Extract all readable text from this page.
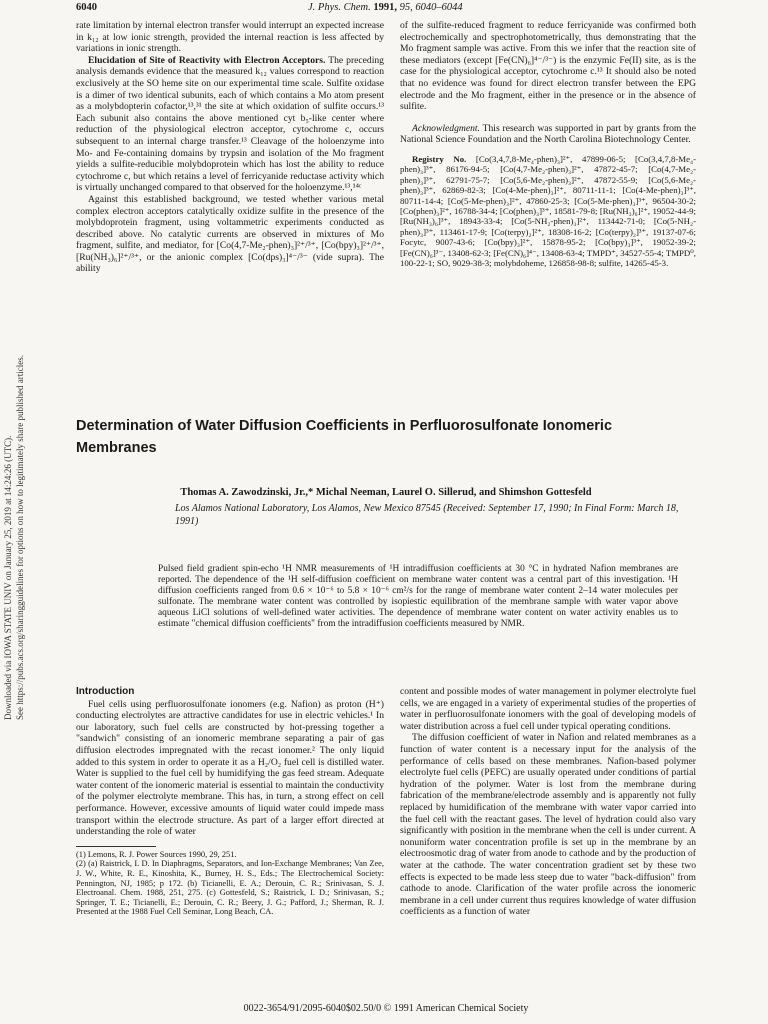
Downloaded via IOWA STATE UNIV on January 25, 2019 at 14:24:26 (UTC). See https://pubs.acs.org/sharingguidelines for options on how to legitimately share published articles.
6040	J. Phys. Chem. 1991, 95, 6040–6044

rate limitation by internal electron transfer would interrupt an expected increase in k₁₂ at low ionic strength, provided the internal reaction is less affected by variations in ionic strength.

Elucidation of Site of Reactivity with Electron Acceptors. The preceding analysis demands evidence that the measured k₁₂ values correspond to reaction exclusively at the SO heme site on our experimental time scale. Sulfite oxidase is a dimer of two identical subunits, each of which contains a Mo atom present as a molybdopterin cofactor,¹³,³¹ the site at which oxidation of sulfite occurs.¹³ Each subunit also contains the above mentioned cyt b₅-like center where reduction of the physiological electron acceptor, cytochrome c, occurs subsequent to an internal charge transfer.¹³ Cleavage of the holoenzyme into Mo- and Fe-containing domains by trypsin and isolation of the Mo fragment yields a sulfite-reducible molybdoprotein which has lost the ability to reduce cytochrome c, but which retains a level of ferricyanide reductase activity which is virtually unchanged compared to that observed for the holoenzyme.¹³,¹⁴ᶜ

Against this established background, we tested whether various metal complex electron acceptors catalytically oxidize sulfite in the presence of the molybdoprotein fragment, using voltammetric experiments conducted as described above. No catalytic currents are observed in mixtures of Mo fragment, sulfite, and mediator, for [Co(4,7-Me₂-phen)₃]²⁺/³⁺, [Co(bpy)₃]²⁺/³⁺, [Ru(NH₃)₆]²⁺/³⁺, or the anionic complex [Co(dps)₃]⁴⁻/³⁻ (vide supra). The ability

of the sulfite-reduced fragment to reduce ferricyanide was confirmed both electrochemically and spectrophotometrically, thus demonstrating that the Mo fragment sample was active. From this we infer that the reaction site of these mediators (except [Fe(CN)₆]⁴⁻/³⁻) is the enzymic Fe(II) site, as is the case for the physiological acceptor, cytochrome c.¹³ It should also be noted that no evidence was found for direct electron transfer between the EPG electrode and the Mo fragment, either in the presence or in the absence of sulfite.

Acknowledgment. This research was supported in part by grants from the National Science Foundation and the North Carolina Biotechnology Center.

Registry No. [Co(3,4,7,8-Me₄-phen)₃]²⁺, 47899-06-5; [Co(3,4,7,8-Me₄-phen)₃]³⁺, 86176-94-5; [Co(4,7-Me₂-phen)₃]²⁺, 47872-45-7; [Co(4,7-Me₂-phen)₃]³⁺, 62791-75-7; [Co(5,6-Me₂-phen)₃]²⁺, 47872-55-9; [Co(5,6-Me₂-phen)₃]³⁺, 62869-82-3; [Co(4-Me-phen)₃]²⁺, 80711-11-1; [Co(4-Me-phen)₃]³⁺, 80711-14-4; [Co(5-Me-phen)₃]²⁺, 47860-25-3; [Co(5-Me-phen)₃]³⁺, 96504-30-2; [Co(phen)₃]²⁺, 16788-34-4; [Co(phen)₃]³⁺, 18581-79-8; [Ru(NH₃)₆]²⁺, 19052-44-9; [Ru(NH₃)₆]³⁺, 18943-33-4; [Co(5-NH₂-phen)₃]²⁺, 113442-71-0; [Co(5-NH₂-phen)₃]³⁺, 113461-17-9; [Co(terpy)₂]²⁺, 18308-16-2; [Co(terpy)₂]³⁺, 19137-07-6; Focytc, 9007-43-6; [Co(bpy)₃]²⁺, 15878-95-2; [Co(bpy)₃]³⁺, 19052-39-2; [Fe(CN)₆]³⁻, 13408-62-3; [Fe(CN)₆]⁴⁻, 13408-63-4; TMPD⁺, 34527-55-4; TMPD⁰, 100-22-1; SO, 9029-38-3; molybdoheme, 126858-98-8; sulfite, 14265-45-3.

Determination of Water Diffusion Coefficients in Perfluorosulfonate Ionomeric Membranes
Thomas A. Zawodzinski, Jr.,* Michal Neeman, Laurel O. Sillerud, and Shimshon Gottesfeld
Los Alamos National Laboratory, Los Alamos, New Mexico 87545 (Received: September 17, 1990; In Final Form: March 18, 1991)
Pulsed field gradient spin-echo ¹H NMR measurements of ¹H intradiffusion coefficients at 30 °C in hydrated Nafion membranes are reported. The dependence of the ¹H self-diffusion coefficient on membrane water content was a central part of this investigation. ¹H diffusion coefficients ranged from 0.6 × 10⁻⁶ to 5.8 × 10⁻⁶ cm²/s for the range of membrane water content 2–14 water molecules per sulfonate. The membrane water content was controlled by isopiestic equilibration of the membrane sample with water vapor above aqueous LiCl solutions of well-defined water activities. The dependence of membrane water content on water activity enables us to estimate "chemical diffusion coefficients" from the intradiffusion coefficients measured by NMR.
Introduction

Fuel cells using perfluorosulfonate ionomers (e.g. Nafion) as proton (H⁺) conducting electrolytes are attractive candidates for use in electric vehicles.¹ In our laboratory, such fuel cells are constructed by hot-pressing together a "sandwich" consisting of an ionomeric membrane separating a pair of gas diffusion electrodes impregnated with the recast ionomer.² The only liquid added to this system in order to operate it as a H₂/O₂ fuel cell is distilled water. Water is supplied to the fuel cell by humidifying the gas feed stream. Adequate water content of the ionomeric material is essential to maintain the conductivity of the polymer electrolyte membrane. This has, in turn, a strong effect on cell performance. However, excessive amounts of liquid water could impede mass transport within the electrode structure. As part of a larger effort directed at understanding the role of water

(1) Lemons, R. J. Power Sources 1990, 29, 251.

(2) (a) Raistrick, I. D. In Diaphragms, Separators, and Ion-Exchange Membranes; Van Zee, J. W., White, R. E., Kinoshita, K., Burney, H. S., Eds.; The Electrochemical Society: Pennington, NJ, 1985; p 172. (b) Ticianelli, E. A.; Derouin, C. R.; Srinivasan, S. J. Electroanal. Chem. 1988, 251, 275. (c) Gottesfeld, S.; Raistrick, I. D.; Srinivasan, S.; Springer, T. E.; Ticianelli, E.; Derouin, C. R.; Beery, J. G.; Pafford, J.; Sherman, R. J. Presented at the 1988 Fuel Cell Seminar, Long Beach, CA.

content and possible modes of water management in polymer electrolyte fuel cells, we are engaged in a variety of experimental studies of the properties of water in perfluorosulfonate ionomers with the goal of developing models of water distribution across a fuel cell under typical operating conditions.

The diffusion coefficient of water in Nafion and related membranes as a function of water content is a necessary input for the analysis of the performance of cells based on these membranes. Nafion-based polymer electrolyte fuel cells (PEFC) are usually operated under conditions of partial hydration of the polymer. Water is lost from the membrane during fabrication of the membrane/electrode assembly and is apparently not fully replaced by humidification of the membrane with water vapor carried into the fuel cell with the reactant gases. The level of hydration could also vary significantly with position in the membrane when the cell is under current. A nonuniform water concentration profile is set up in the membrane by an electroosmotic drag of water from anode to cathode and by the production of water at the cathode. The water concentration gradient set by these two effects is expected to be made less steep due to water "back-diffusion" from cathode to anode. Clarification of the water profile across the ionomeric membrane in a cell under current thus requires knowledge of water diffusion coefficients as a function of water

0022-3654/91/2095-6040$02.50/0 © 1991 American Chemical Society
